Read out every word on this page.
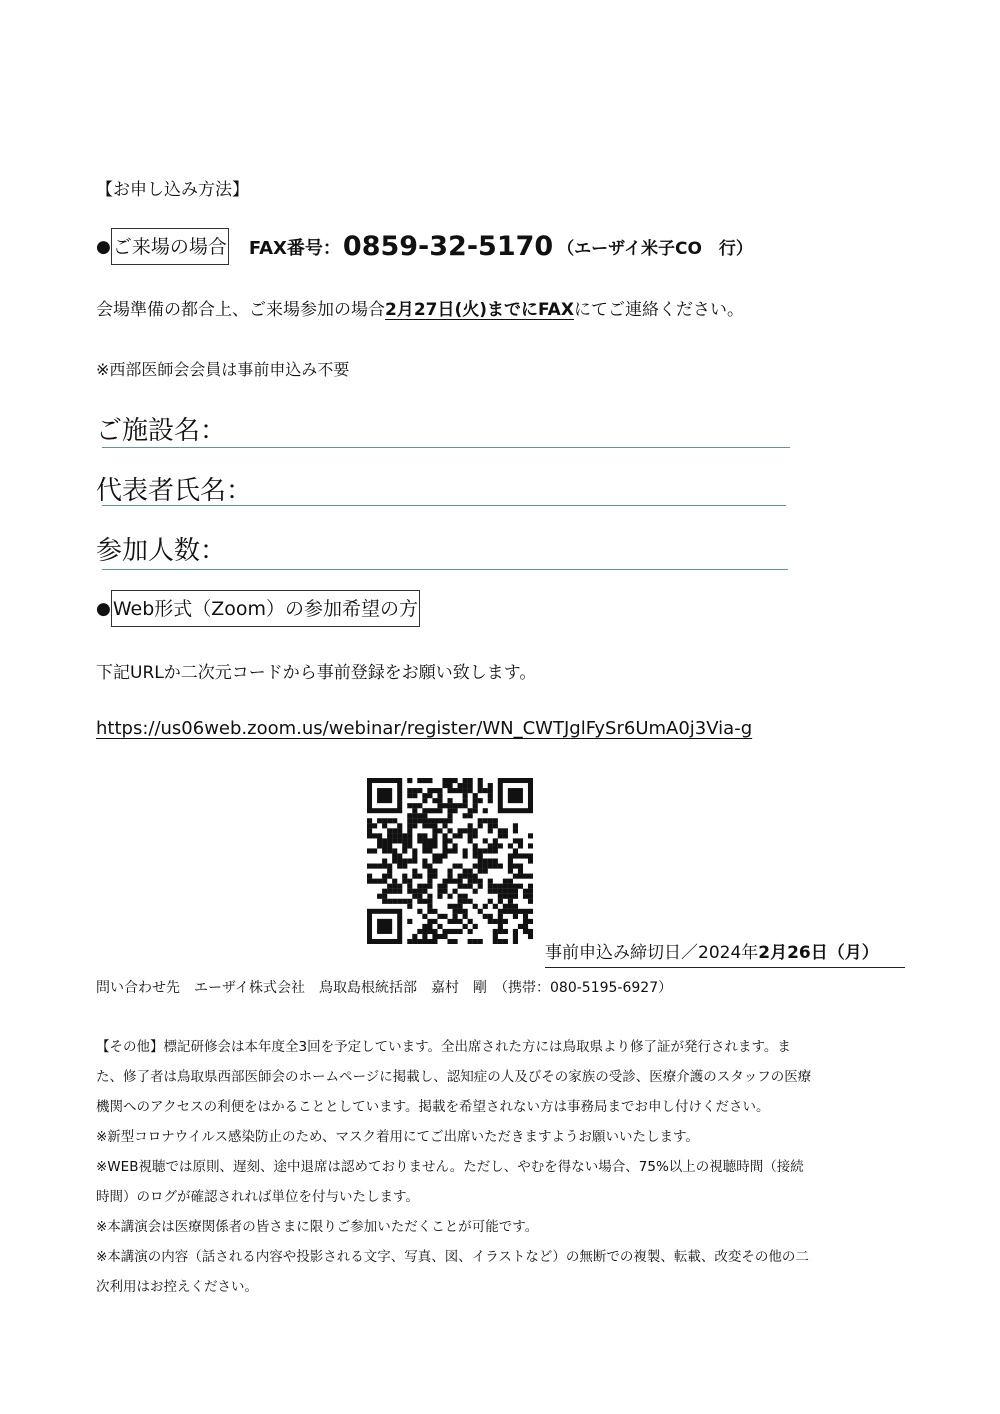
【お申し込み方法】
● ご来場の場合 FAX番号： 0859-32-5170 （エーザイ米子CO　行）
会場準備の都合上、ご来場参加の場合2月27日(火)までにFAXにてご連絡ください。
※西部医師会会員は事前申込み不要
ご施設名：
代表者氏名：
参加人数：
● Web形式（Zoom）の参加希望の方
下記URLか二次元コードから事前登録をお願い致します。
https://us06web.zoom.us/webinar/register/WN_CWTJglFySr6UmA0j3Via-g
事前申込み締切日／2024年2月26日（月）
問い合わせ先　エーザイ株式会社　鳥取島根統括部　嘉村　剛　（携帯：080-5195-6927）
【その他】標記研修会は本年度全3回を予定しています。全出席された方には鳥取県より修了証が発行されます。ま
た、修了者は鳥取県西部医師会のホームページに掲載し、認知症の人及びその家族の受診、医療介護のスタッフの医療
機関へのアクセスの利便をはかることとしています。掲載を希望されない方は事務局までお申し付けください。
※新型コロナウイルス感染防止のため、マスク着用にてご出席いただきますようお願いいたします。
※WEB視聴では原則、遅刻、途中退席は認めておりません。ただし、やむを得ない場合、75%以上の視聴時間（接続
時間）のログが確認されれば単位を付与いたします。
※本講演会は医療関係者の皆さまに限りご参加いただくことが可能です。
※本講演の内容（話される内容や投影される文字、写真、図、イラストなど）の無断での複製、転載、改変その他の二
次利用はお控えください。
